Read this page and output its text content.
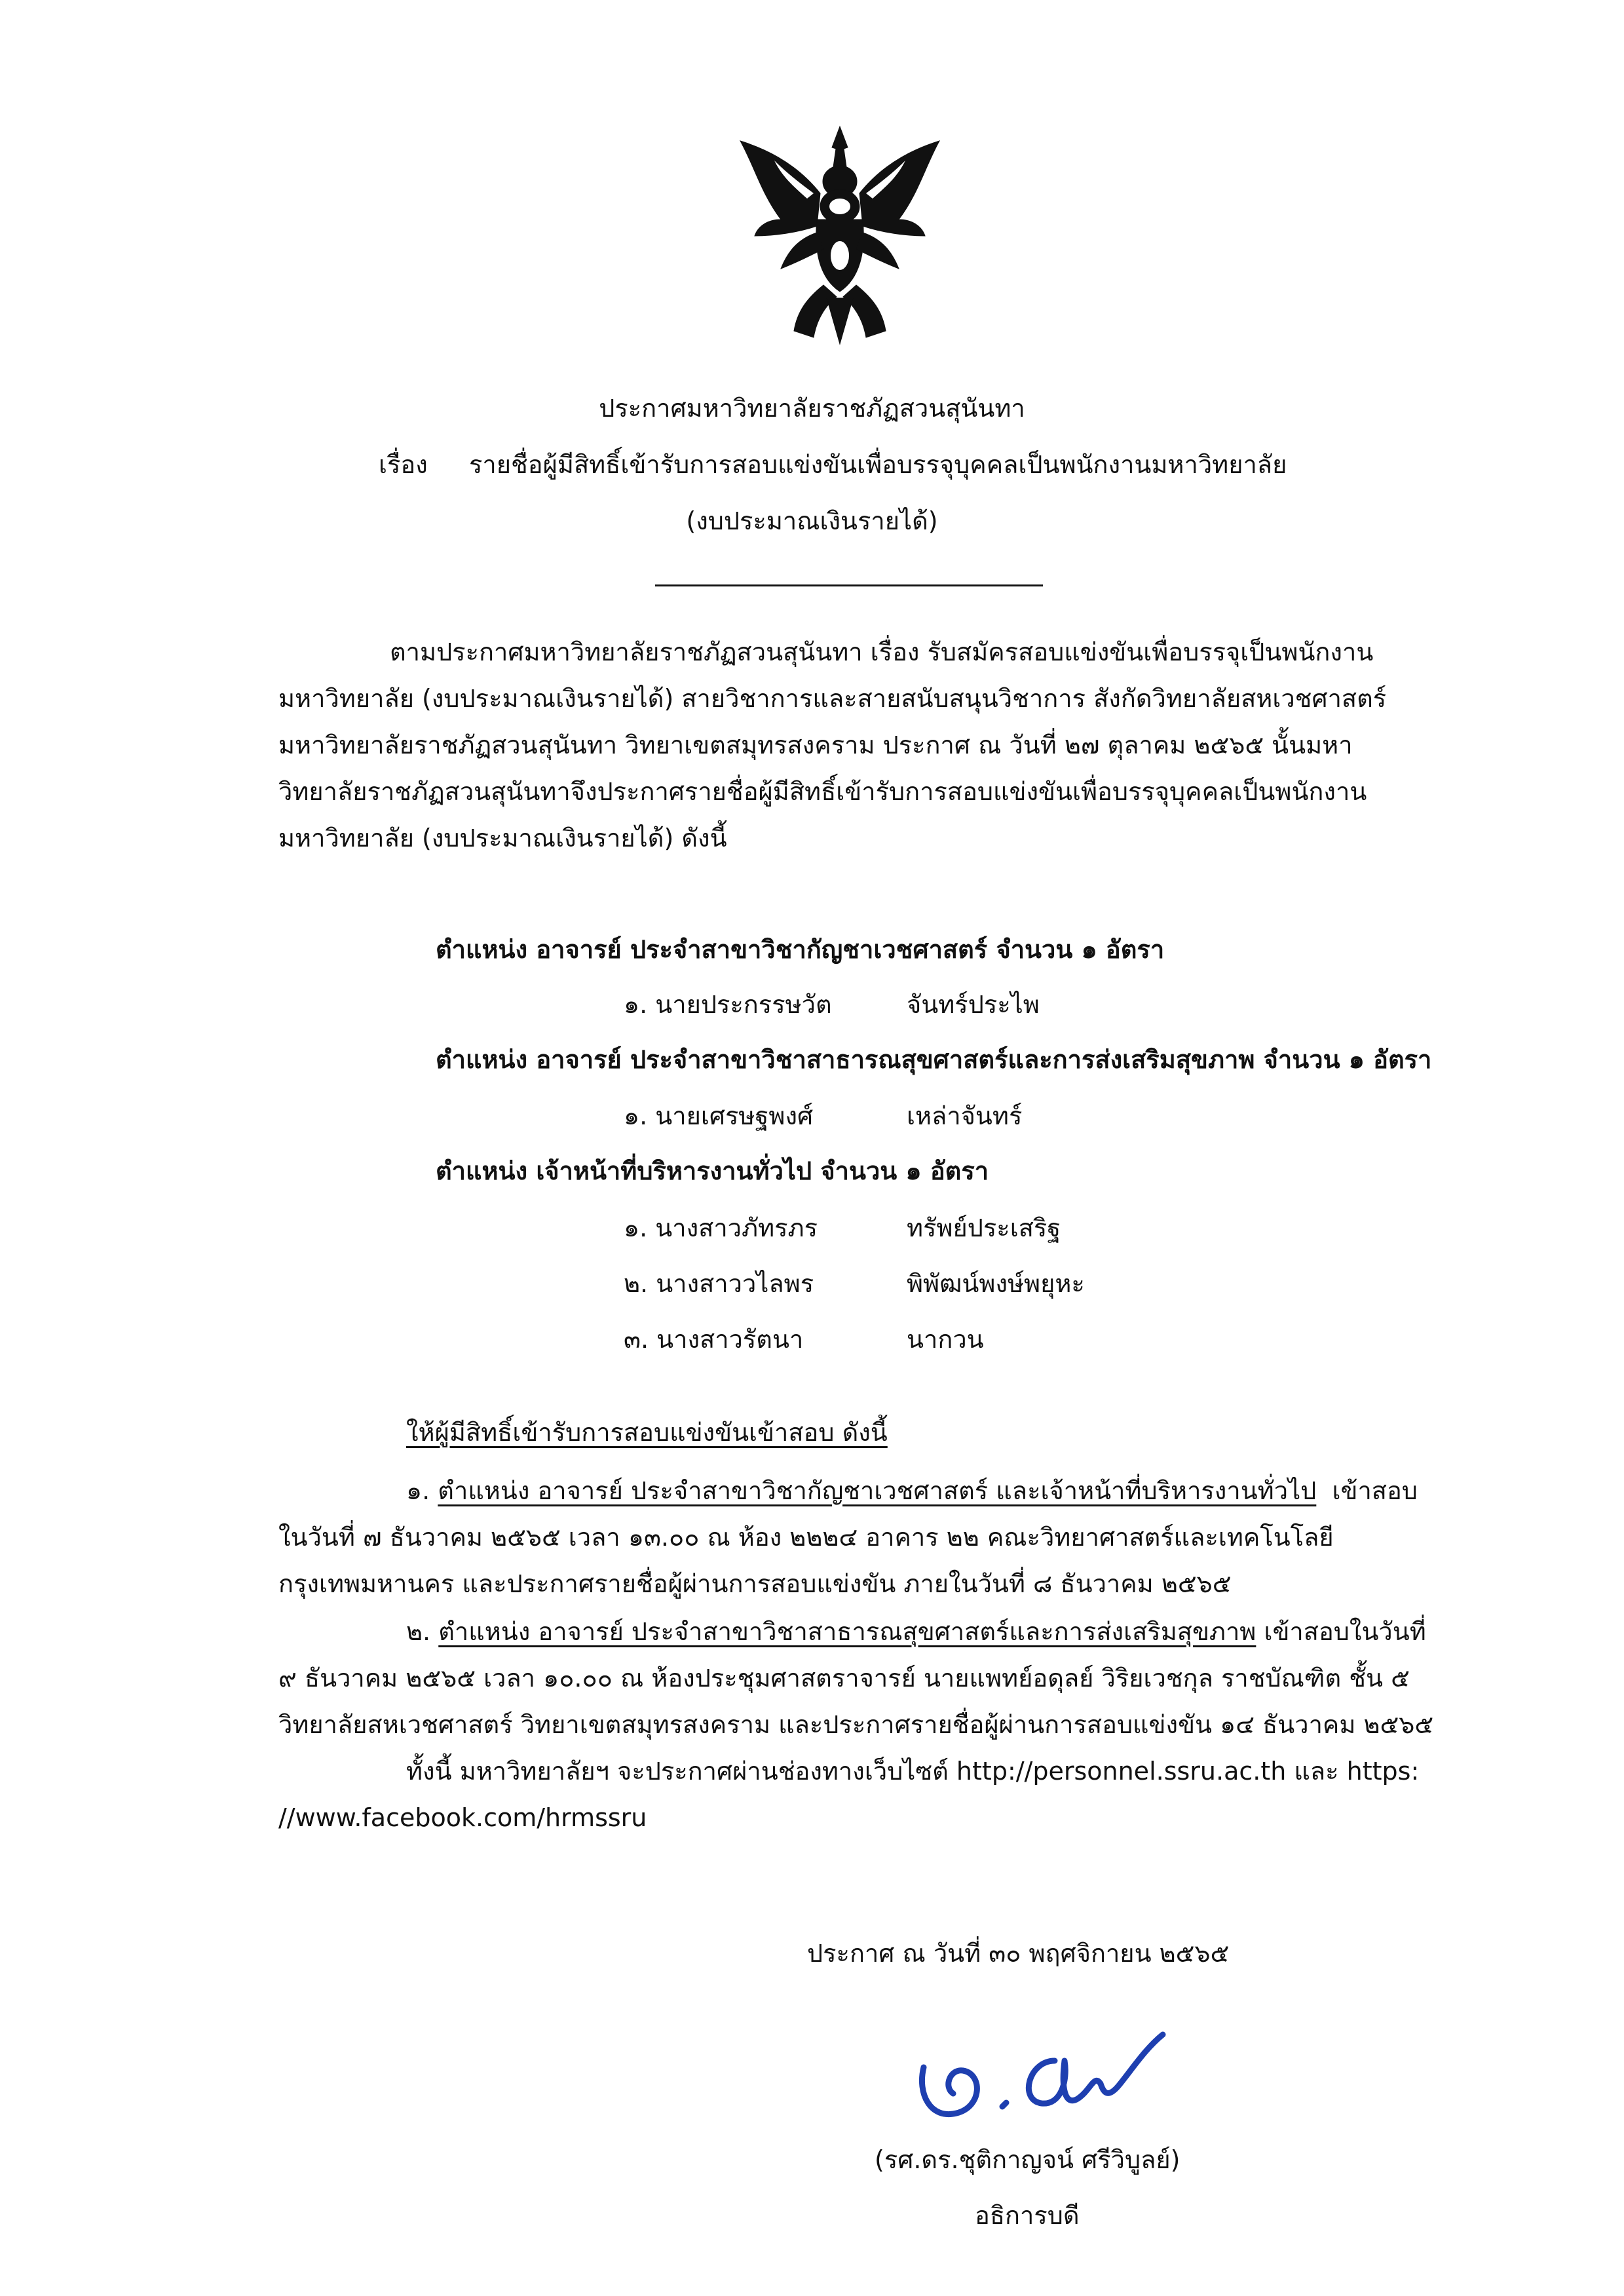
ประกาศมหาวิทยาลัยราชภัฏสวนสุนันทา
เรื่อง รายชื่อผู้มีสิทธิ์เข้ารับการสอบแข่งขันเพื่อบรรจุบุคคลเป็นพนักงานมหาวิทยาลัย
(งบประมาณเงินรายได้)
ตามประกาศมหาวิทยาลัยราชภัฏสวนสุนันทา เรื่อง รับสมัครสอบแข่งขันเพื่อบรรจุเป็นพนักงาน
มหาวิทยาลัย (งบประมาณเงินรายได้) สายวิชาการและสายสนับสนุนวิชาการ สังกัดวิทยาลัยสหเวชศาสตร์
มหาวิทยาลัยราชภัฏสวนสุนันทา วิทยาเขตสมุทรสงคราม ประกาศ ณ วันที่ ๒๗ ตุลาคม ๒๕๖๕ นั้นมหา
วิทยาลัยราชภัฏสวนสุนันทาจึงประกาศรายชื่อผู้มีสิทธิ์เข้ารับการสอบแข่งขันเพื่อบรรจุบุคคลเป็นพนักงาน
มหาวิทยาลัย (งบประมาณเงินรายได้) ดังนี้
ตำแหน่ง อาจารย์ ประจำสาขาวิชากัญชาเวชศาสตร์ จำนวน ๑ อัตรา
๑. นายประกรรษวัต	จันทร์ประไพ
ตำแหน่ง อาจารย์ ประจำสาขาวิชาสาธารณสุขศาสตร์และการส่งเสริมสุขภาพ จำนวน ๑ อัตรา
๑. นายเศรษฐพงศ์	เหล่าจันทร์
ตำแหน่ง เจ้าหน้าที่บริหารงานทั่วไป จำนวน ๑ อัตรา
๑. นางสาวภัทรภร	ทรัพย์ประเสริฐ
๒. นางสาววไลพร	พิพัฒน์พงษ์พยุหะ
๓. นางสาวรัตนา	นากวน
ให้ผู้มีสิทธิ์เข้ารับการสอบแข่งขันเข้าสอบ ดังนี้
๑. ตำแหน่ง อาจารย์ ประจำสาขาวิชากัญชาเวชศาสตร์ และเจ้าหน้าที่บริหารงานทั่วไป เข้าสอบ
ในวันที่ ๗ ธันวาคม ๒๕๖๕ เวลา ๑๓.๐๐ ณ ห้อง ๒๒๒๔ อาคาร ๒๒ คณะวิทยาศาสตร์และเทคโนโลยี
กรุงเทพมหานคร และประกาศรายชื่อผู้ผ่านการสอบแข่งขัน ภายในวันที่ ๘ ธันวาคม ๒๕๖๕
๒. ตำแหน่ง อาจารย์ ประจำสาขาวิชาสาธารณสุขศาสตร์และการส่งเสริมสุขภาพ เข้าสอบในวันที่
๙ ธันวาคม ๒๕๖๕ เวลา ๑๐.๐๐ ณ ห้องประชุมศาสตราจารย์ นายแพทย์อดุลย์ วิริยเวชกุล ราชบัณฑิต ชั้น ๕
วิทยาลัยสหเวชศาสตร์ วิทยาเขตสมุทรสงคราม และประกาศรายชื่อผู้ผ่านการสอบแข่งขัน ๑๔ ธันวาคม ๒๕๖๕
ทั้งนี้ มหาวิทยาลัยฯ จะประกาศผ่านช่องทางเว็บไซต์ http://personnel.ssru.ac.th และ https:
//www.facebook.com/hrmssru
ประกาศ ณ วันที่ ๓๐ พฤศจิกายน ๒๕๖๕
(รศ.ดร.ชุติกาญจน์ ศรีวิบูลย์)
อธิการบดี
